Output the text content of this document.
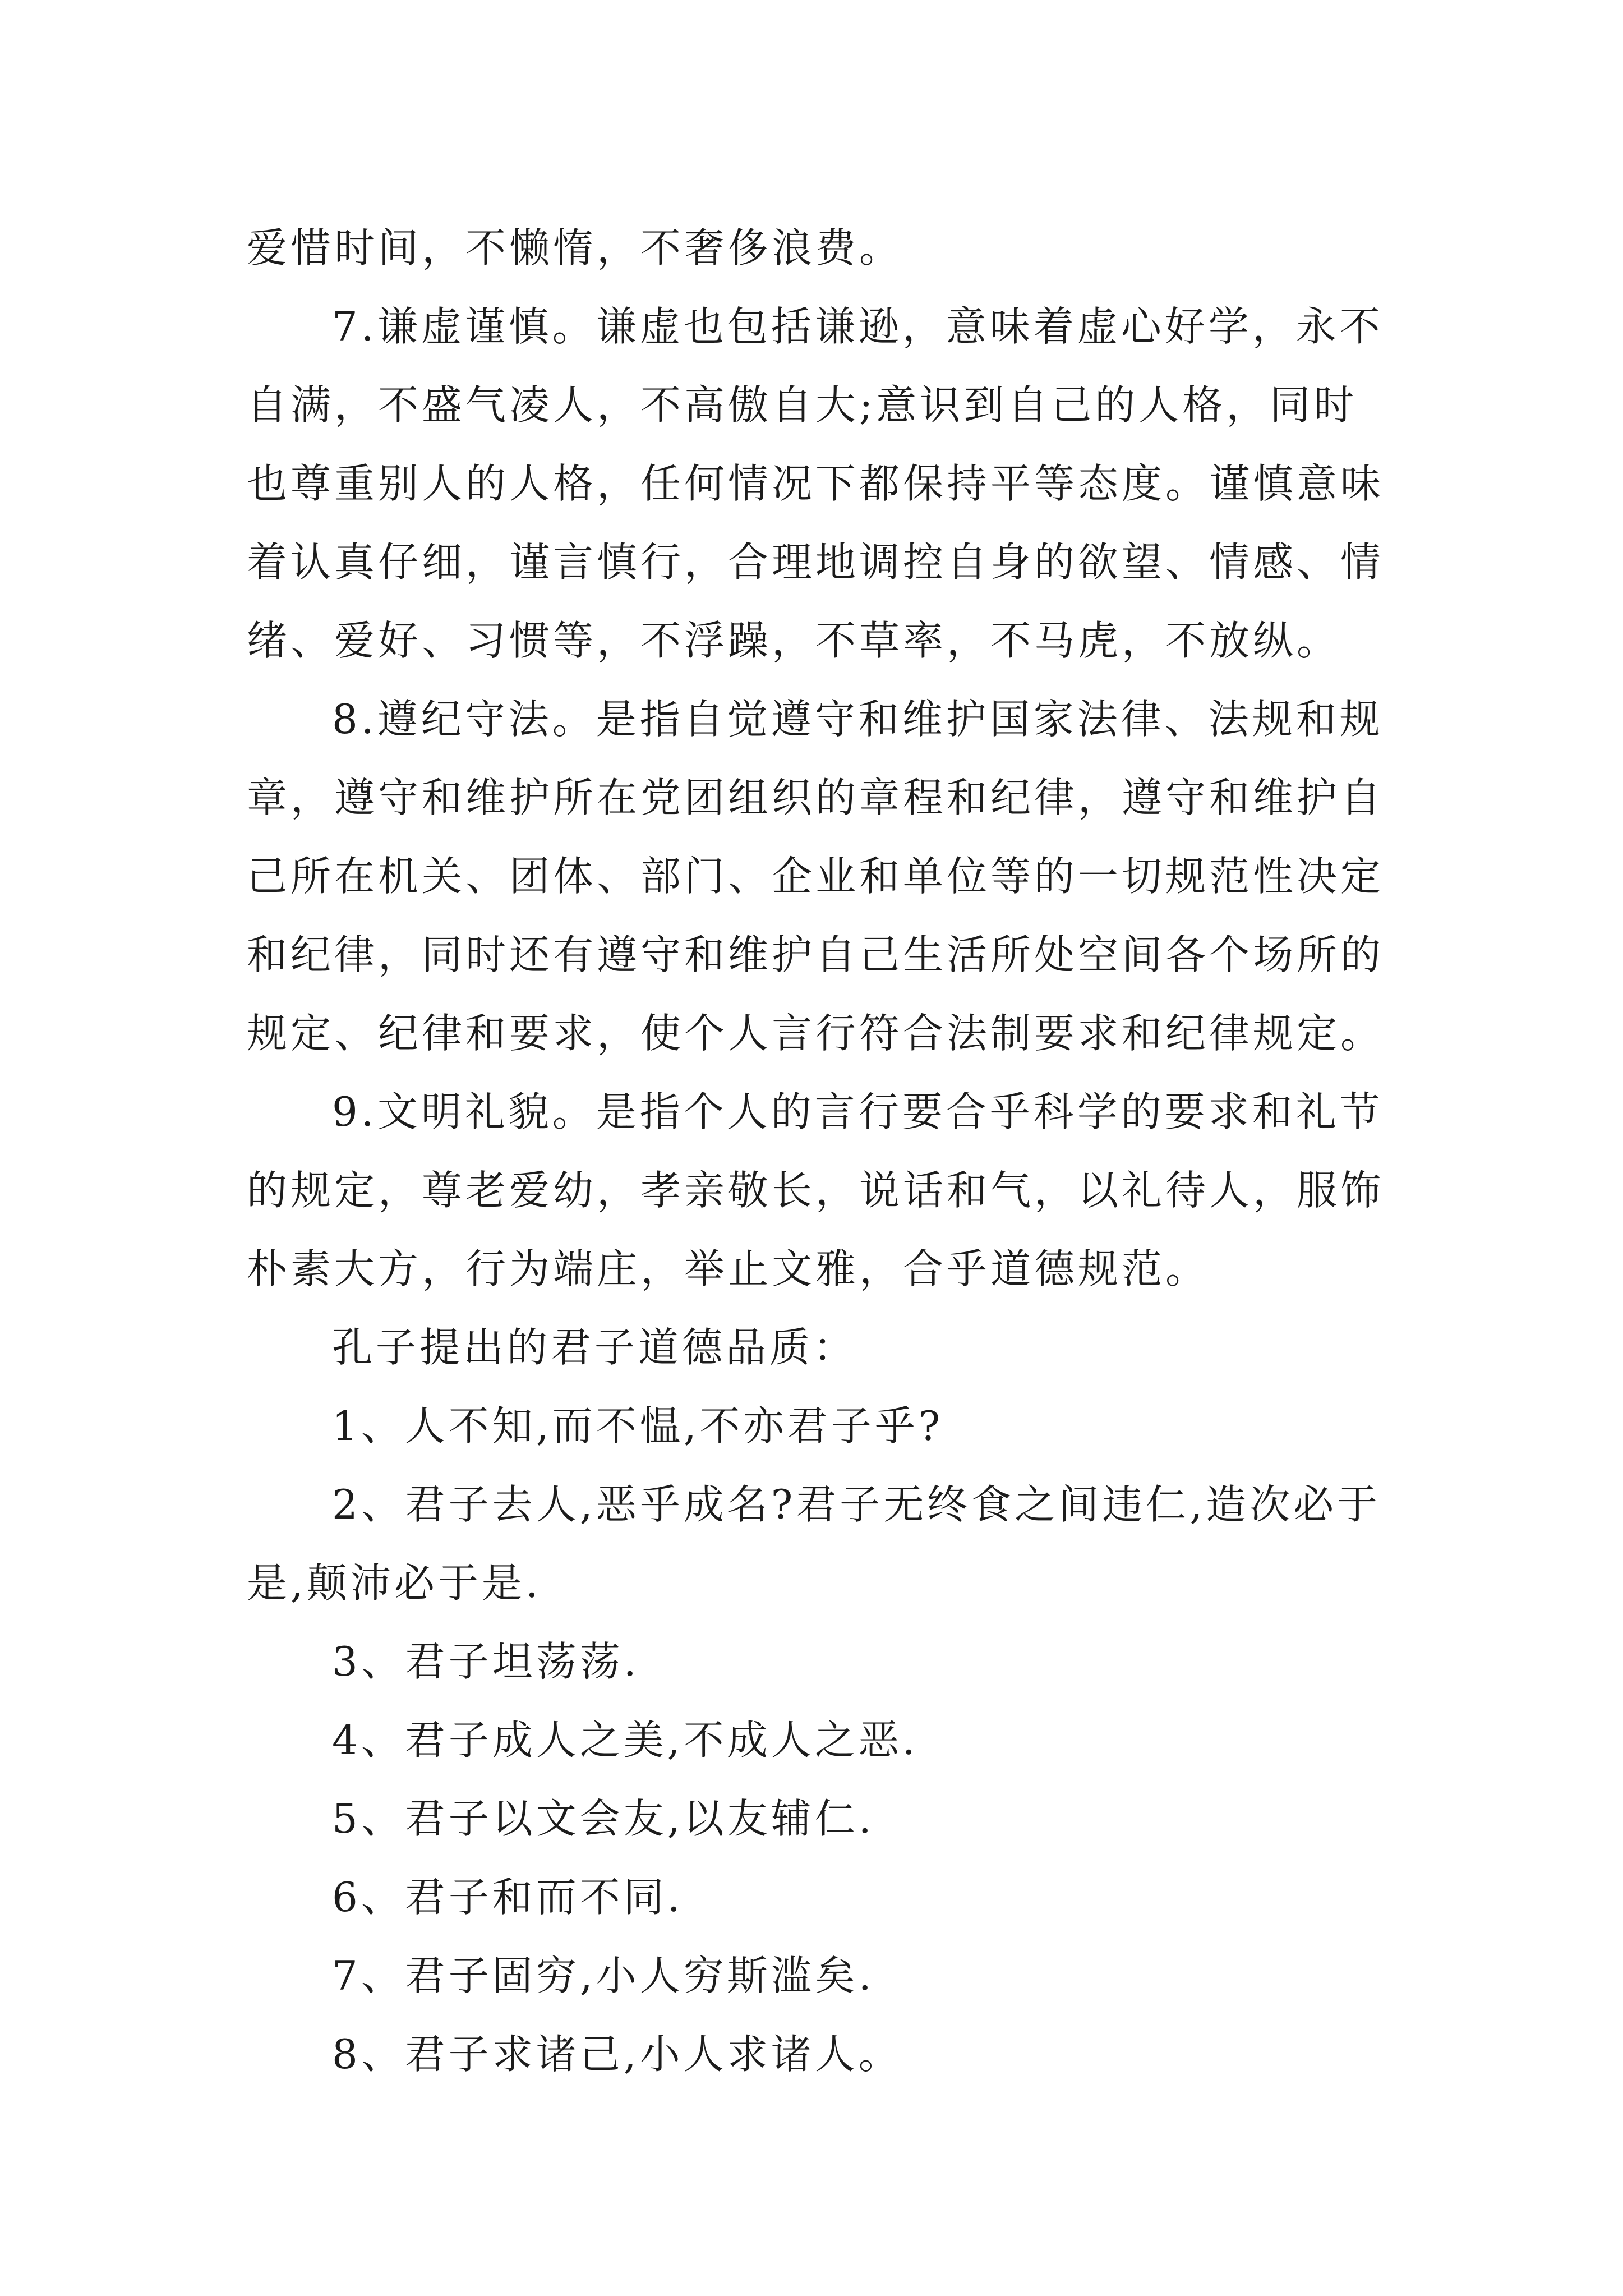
爱惜时间，不懒惰，不奢侈浪费。

7.谦虚谨慎。谦虚也包括谦逊，意味着虚心好学，永不
自满，不盛气凌人，不高傲自大;意识到自己的人格，同时
也尊重别人的人格，任何情况下都保持平等态度。谨慎意味
着认真仔细，谨言慎行，合理地调控自身的欲望、情感、情
绪、爱好、习惯等，不浮躁，不草率，不马虎，不放纵。

8.遵纪守法。是指自觉遵守和维护国家法律、法规和规
章，遵守和维护所在党团组织的章程和纪律，遵守和维护自
己所在机关、团体、部门、企业和单位等的一切规范性决定
和纪律，同时还有遵守和维护自己生活所处空间各个场所的
规定、纪律和要求，使个人言行符合法制要求和纪律规定。

9.文明礼貌。是指个人的言行要合乎科学的要求和礼节
的规定，尊老爱幼，孝亲敬长，说话和气，以礼待人，服饰
朴素大方，行为端庄，举止文雅，合乎道德规范。

孔子提出的君子道德品质：

1、人不知,而不愠,不亦君子乎?

2、君子去人,恶乎成名?君子无终食之间违仁,造次必于
是,颠沛必于是.

3、君子坦荡荡.

4、君子成人之美,不成人之恶.

5、君子以文会友,以友辅仁.

6、君子和而不同.

7、君子固穷,小人穷斯滥矣.

8、君子求诸己,小人求诸人。
